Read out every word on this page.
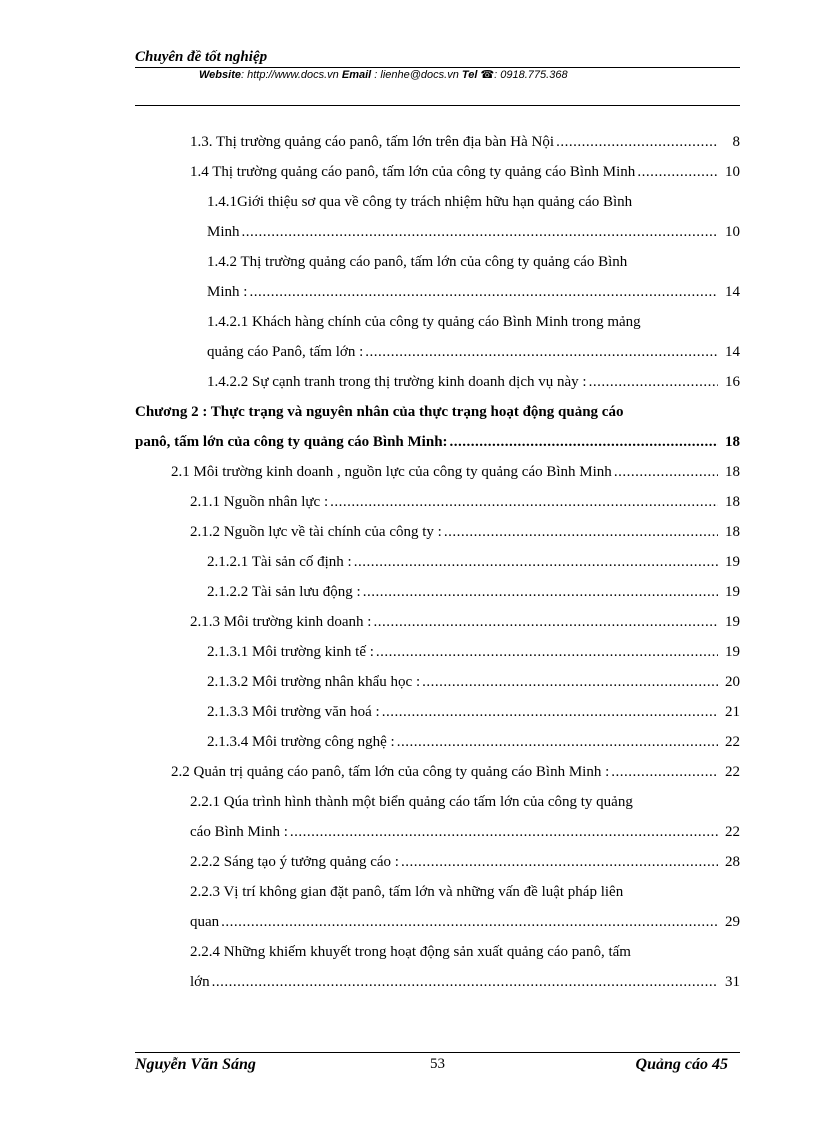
Chuyên đề tốt nghiệp
Website: http://www.docs.vn Email : lienhe@docs.vn Tel ☎: 0918.775.368
1.3. Thị trường quảng cáo panô, tấm lớn trên địa bàn Hà Nội .....	8
1.4 Thị trường quảng cáo panô, tấm lớn của công ty quảng cáo Bình Minh .....	10
1.4.1Giới thiệu sơ qua về công ty trách nhiệm hữu hạn quảng cáo Bình
Minh .....	10
1.4.2 Thị trường quảng cáo panô, tấm lớn của công ty quảng cáo Bình
Minh : .....	14
1.4.2.1 Khách hàng chính của công ty quảng cáo Bình Minh trong mảng
quảng cáo Panô, tấm lớn : .....	14
1.4.2.2 Sự cạnh tranh trong thị trường kinh doanh dịch vụ này : .....	16
Chương 2 : Thực trạng và nguyên nhân của thực trạng hoạt động quảng cáo
panô, tấm lớn của công ty quảng cáo Bình Minh: .....	18
2.1 Môi trường kinh doanh , nguồn lực của công ty quảng cáo Bình Minh .....	18
2.1.1 Nguồn nhân lực : .....	18
2.1.2 Nguồn lực về tài chính của công ty : .....	18
2.1.2.1 Tài sản cố định : .....	19
2.1.2.2 Tài sản lưu động : .....	19
2.1.3 Môi trường kinh doanh : .....	19
2.1.3.1 Môi trường kinh tế : .....	19
2.1.3.2 Môi trường nhân khẩu học : .....	20
2.1.3.3 Môi trường văn hoá : .....	21
2.1.3.4 Môi trường công nghệ : .....	22
2.2 Quản trị quảng cáo panô, tấm lớn của công ty quảng cáo Bình Minh : .....	22
2.2.1 Qúa trình hình thành một biển quảng cáo tấm lớn của công ty quảng
cáo Bình Minh : .....	22
2.2.2 Sáng tạo ý tưởng quảng cáo : .....	28
2.2.3 Vị trí không gian đặt panô, tấm lớn và những vấn đề luật pháp liên
quan .....	29
2.2.4 Những khiếm khuyết trong hoạt động sản xuất quảng cáo panô, tấm
lớn .....	31
Nguyễn Văn Sáng	53	Quảng cáo 45
